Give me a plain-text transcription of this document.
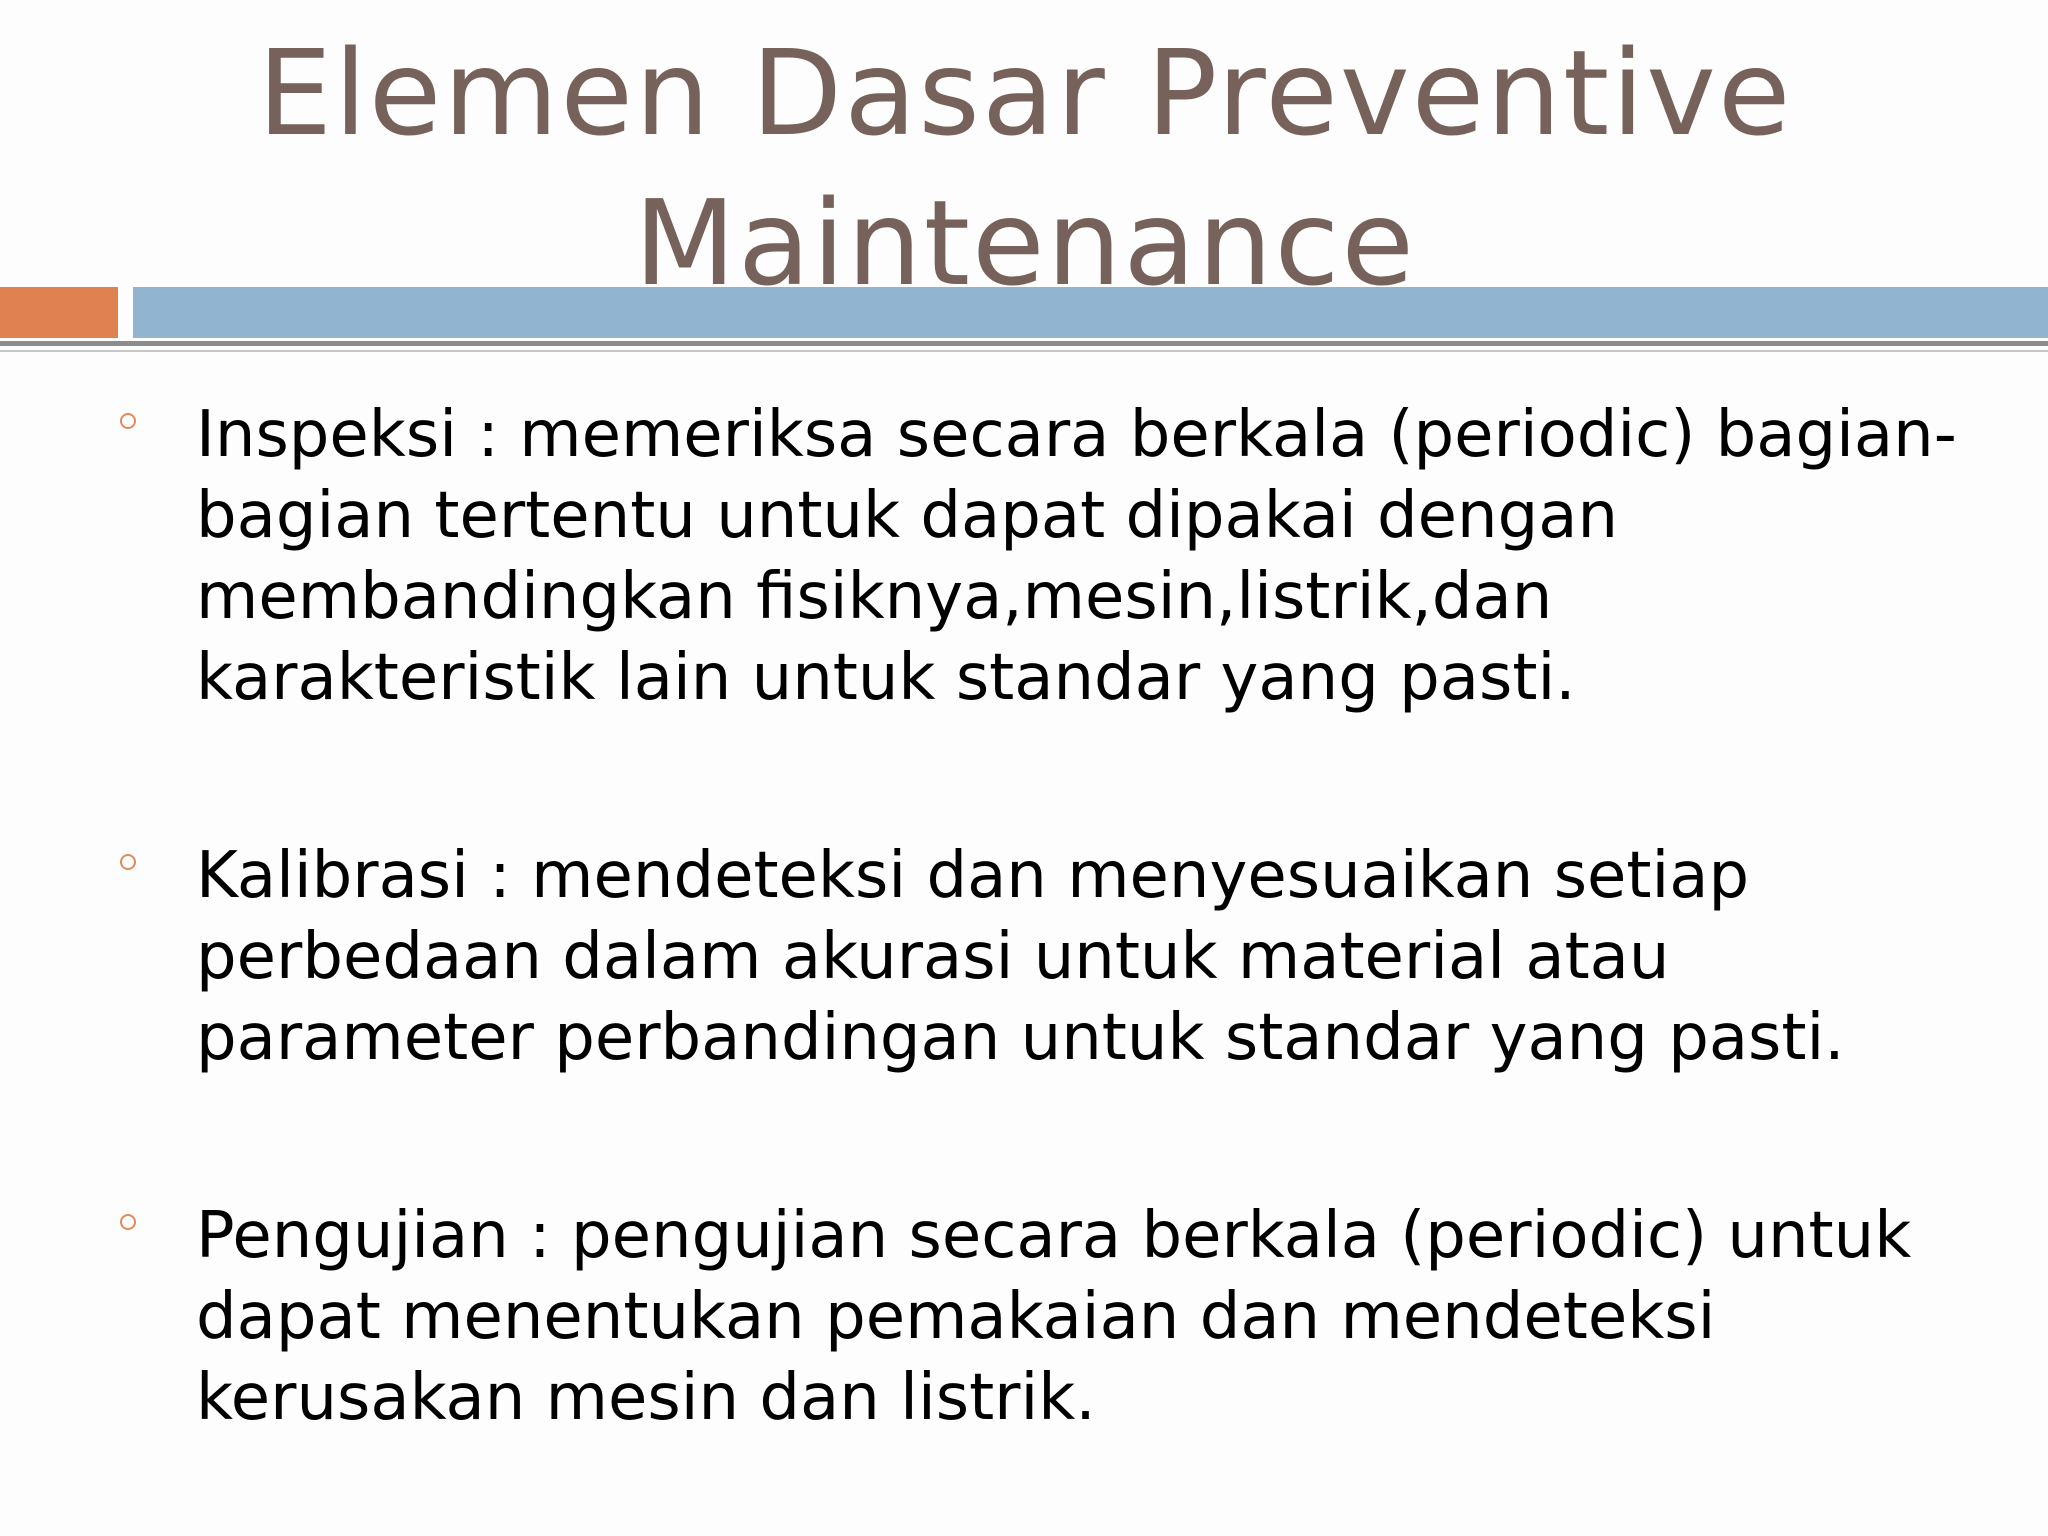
Elemen Dasar Preventive Maintenance
Inspeksi : memeriksa secara berkala (periodic) bagian-bagian tertentu untuk dapat dipakai dengan membandingkan fisiknya,mesin,listrik,dan karakteristik lain untuk standar yang pasti.
Kalibrasi : mendeteksi dan menyesuaikan setiap perbedaan dalam akurasi untuk material atau parameter perbandingan untuk standar yang pasti.
Pengujian : pengujian secara berkala (periodic) untuk dapat menentukan pemakaian dan mendeteksi kerusakan mesin dan listrik.
